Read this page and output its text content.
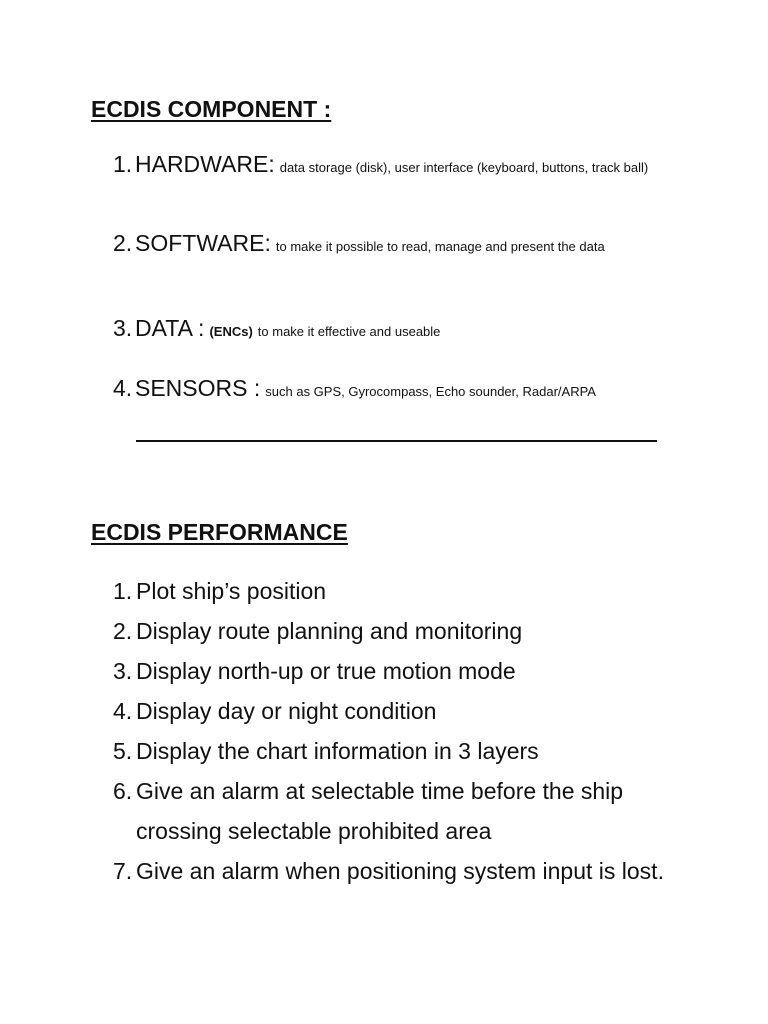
ECDIS COMPONENT :
1. HARDWARE: data storage (disk), user interface (keyboard, buttons, track ball)
2. SOFTWARE: to make it possible to read, manage and present the data
3. DATA : (ENCs) to make it effective and useable
4. SENSORS : such as GPS, Gyrocompass, Echo sounder, Radar/ARPA
ECDIS PERFORMANCE
1. Plot ship’s position
2. Display route planning and monitoring
3. Display north-up or true motion mode
4. Display day or night condition
5. Display the chart information in 3 layers
6. Give an alarm at selectable time before the ship crossing selectable prohibited area
7. Give an alarm when positioning system input is lost.
